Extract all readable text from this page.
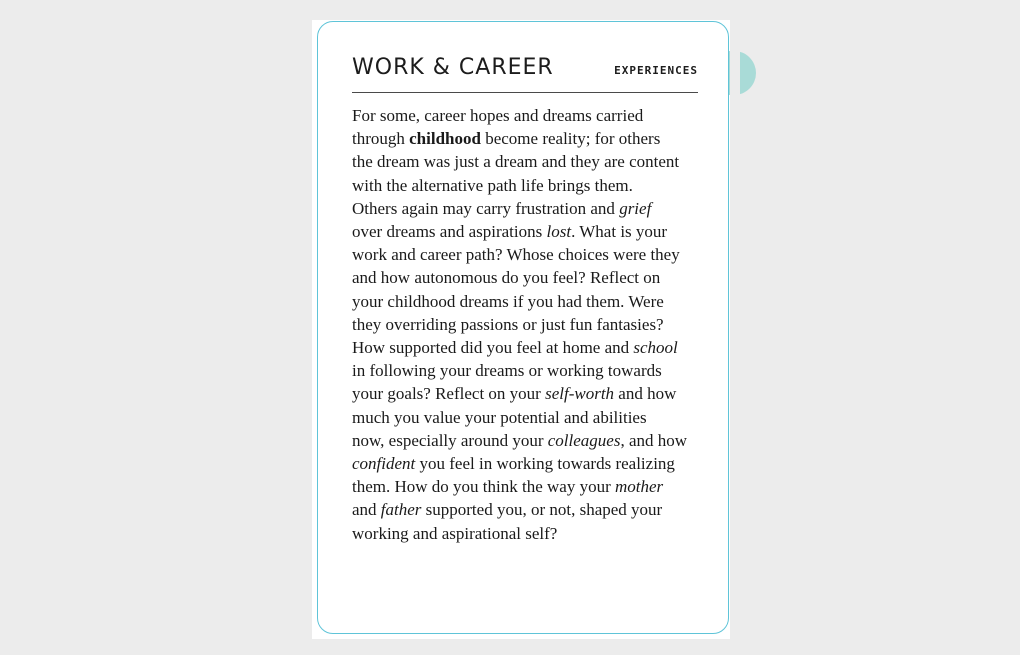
WORK & CAREER	EXPERIENCES
For some, career hopes and dreams carried
through childhood become reality; for others
the dream was just a dream and they are content
with the alternative path life brings them.
Others again may carry frustration and grief
over dreams and aspirations lost. What is your
work and career path? Whose choices were they
and how autonomous do you feel? Reflect on
your childhood dreams if you had them. Were
they overriding passions or just fun fantasies?
How supported did you feel at home and school
in following your dreams or working towards
your goals? Reflect on your self-worth and how
much you value your potential and abilities
now, especially around your colleagues, and how
confident you feel in working towards realizing
them. How do you think the way your mother
and father supported you, or not, shaped your
working and aspirational self?
